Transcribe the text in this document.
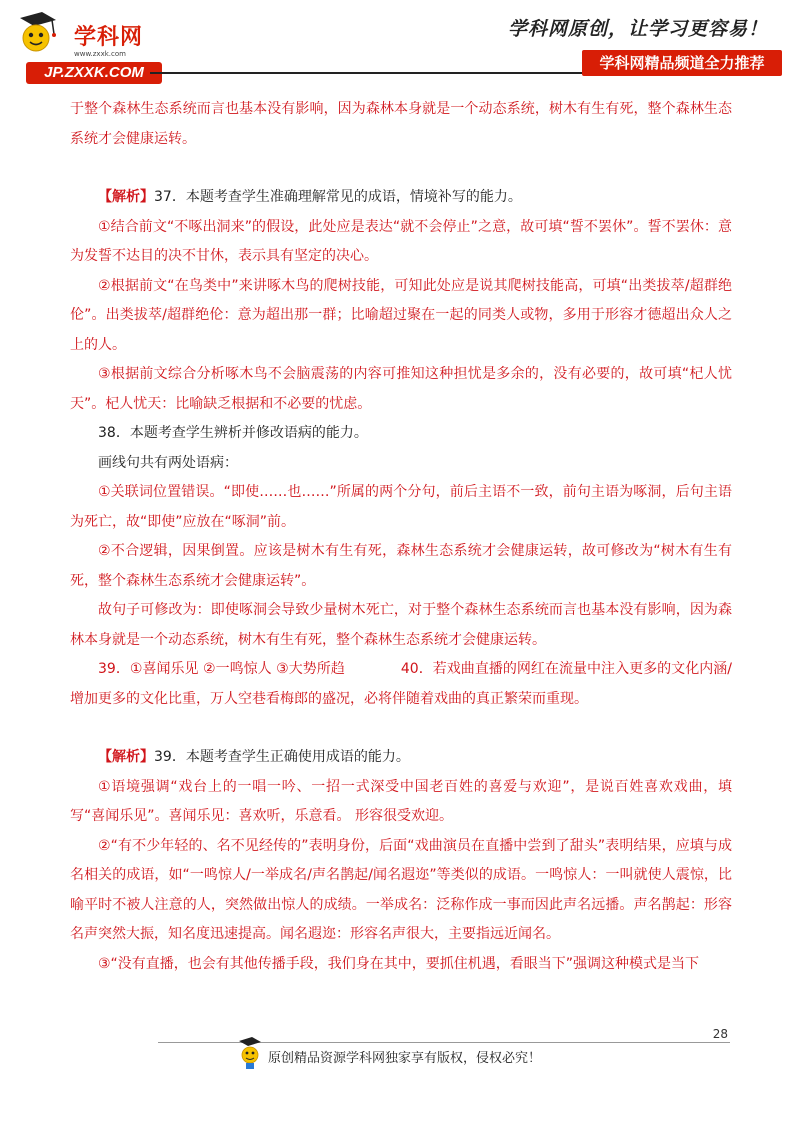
学科网
www.zxxk.com
JP.ZXXK.COM
学科网原创，让学习更容易！
学科网精品频道全力推荐

于整个森林生态系统而言也基本没有影响，因为森林本身就是一个动态系统，树木有生有死，整个森林生态系统才会健康运转。

【解析】37．本题考查学生准确理解常见的成语，情境补写的能力。

①结合前文“不啄出洞来”的假设，此处应是表达“就不会停止”之意，故可填“誓不罢休”。誓不罢休：意为发誓不达目的决不甘休，表示具有坚定的决心。

②根据前文“在鸟类中”来讲啄木鸟的爬树技能，可知此处应是说其爬树技能高，可填“出类拔萃/超群绝伦”。出类拔萃/超群绝伦：意为超出那一群；比喻超过聚在一起的同类人或物，多用于形容才德超出众人之上的人。

③根据前文综合分析啄木鸟不会脑震荡的内容可推知这种担忧是多余的，没有必要的，故可填“杞人忧天”。杞人忧天：比喻缺乏根据和不必要的忧虑。

38．本题考查学生辨析并修改语病的能力。

画线句共有两处语病：

①关联词位置错误。“即使……也……”所属的两个分句，前后主语不一致，前句主语为啄洞，后句主语为死亡，故“即使”应放在“啄洞”前。

②不合逻辑，因果倒置。应该是树木有生有死，森林生态系统才会健康运转，故可修改为“树木有生有死，整个森林生态系统才会健康运转”。

故句子可修改为：即使啄洞会导致少量树木死亡，对于整个森林生态系统而言也基本没有影响，因为森林本身就是一个动态系统，树木有生有死，整个森林生态系统才会健康运转。

39．①喜闻乐见 ②一鸣惊人 ③大势所趋	40．若戏曲直播的网红在流量中注入更多的文化内涵/增加更多的文化比重，万人空巷看梅郎的盛况，必将伴随着戏曲的真正繁荣而重现。

【解析】39．本题考查学生正确使用成语的能力。

①语境强调“戏台上的一唱一吟、一招一式深受中国老百姓的喜爱与欢迎”，是说百姓喜欢戏曲，填写“喜闻乐见”。喜闻乐见：喜欢听，乐意看。 形容很受欢迎。

②“有不少年轻的、名不见经传的”表明身份，后面“戏曲演员在直播中尝到了甜头”表明结果，应填与成名相关的成语，如“一鸣惊人/一举成名/声名鹊起/闻名遐迩”等类似的成语。一鸣惊人：一叫就使人震惊，比喻平时不被人注意的人，突然做出惊人的成绩。一举成名：泛称作成一事而因此声名远播。声名鹊起：形容名声突然大振，知名度迅速提高。闻名遐迩：形容名声很大，主要指远近闻名。

③“没有直播，也会有其他传播手段，我们身在其中，要抓住机遇，看眼当下”强调这种模式是当下

28
原创精品资源学科网独家享有版权，侵权必究！
